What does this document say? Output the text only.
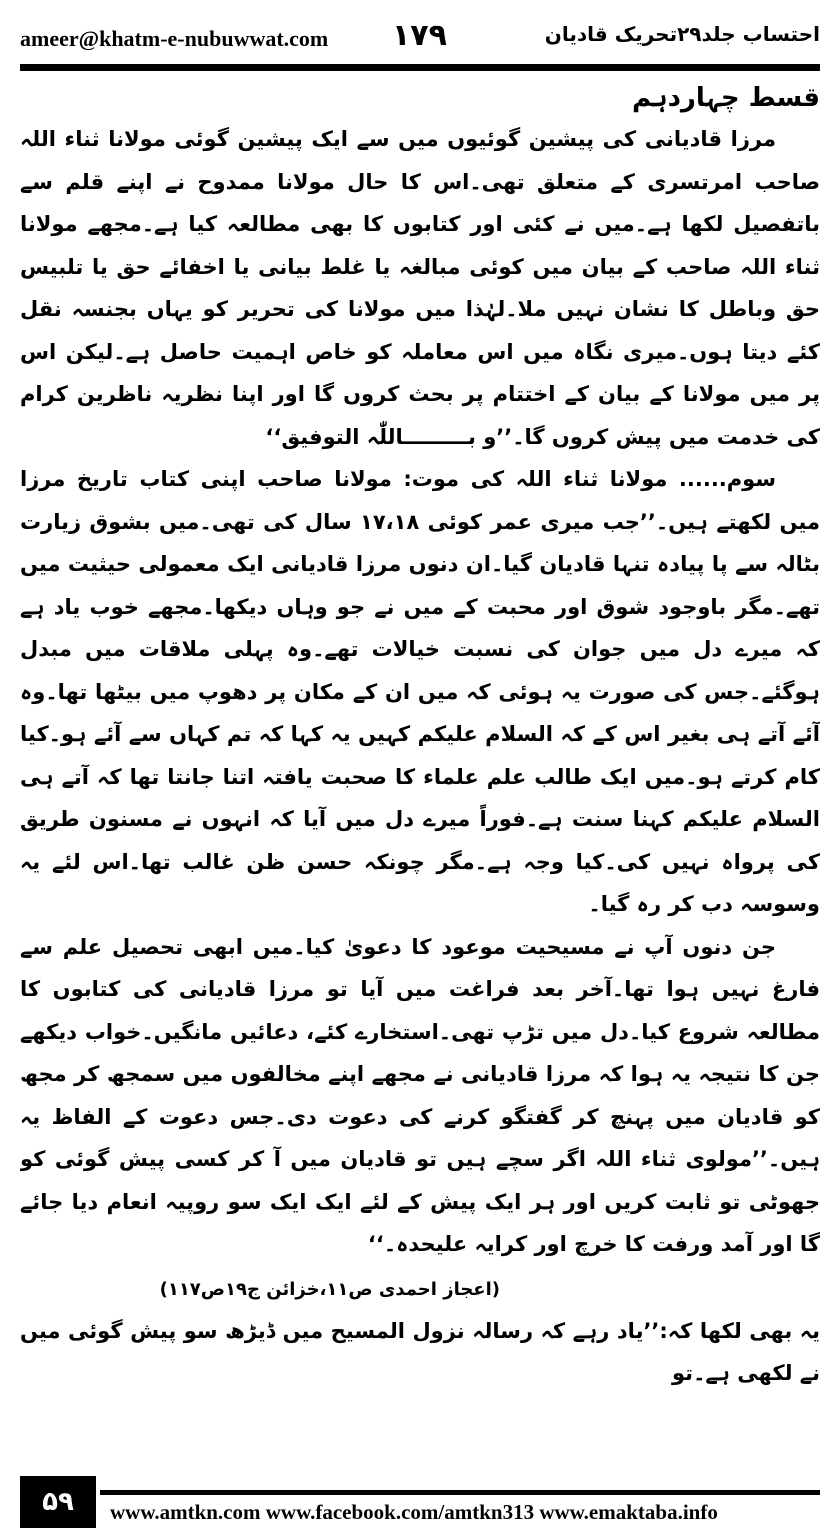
ameer@khatm-e-nubuwwat.com ۱۷۹	احتساب جلد۲۹تحریک قادیان

قسط چہاردہم

مرزا قادیانی کی پیشین گوئیوں میں سے ایک پیشین گوئی مولانا ثناء اللہ صاحب امرتسری کے متعلق تھی۔اس کا حال مولانا ممدوح نے اپنے قلم سے باتفصیل لکھا ہے۔میں نے کئی اور کتابوں کا بھی مطالعہ کیا ہے۔مجھے مولانا ثناء اللہ صاحب کے بیان میں کوئی مبالغہ یا غلط بیانی یا اخفائے حق یا تلبیس حق وباطل کا نشان نہیں ملا۔لہٰذا میں مولانا کی تحریر کو یہاں بجنسہ نقل کئے دیتا ہوں۔میری نگاہ میں اس معاملہ کو خاص اہمیت حاصل ہے۔لیکن اس پر میں مولانا کے بیان کے اختتام پر بحث کروں گا اور اپنا نظریہ ناظرین کرام کی خدمت میں پیش کروں گا۔’’و بـــــــــاللّٰہ التوفیق‘‘

سوم...... مولانا ثناء اللہ کی موت: مولانا صاحب اپنی کتاب تاریخ مرزا میں لکھتے ہیں۔’’جب میری عمر کوئی ۱۷،۱۸ سال کی تھی۔میں بشوق زیارت بٹالہ سے پا پیادہ تنہا قادیان گیا۔ان دنوں مرزا قادیانی ایک معمولی حیثیت میں تھے۔مگر باوجود شوق اور محبت کے میں نے جو وہاں دیکھا۔مجھے خوب یاد ہے کہ میرے دل میں جوان کی نسبت خیالات تھے۔وہ پہلی ملاقات میں مبدل ہوگئے۔جس کی صورت یہ ہوئی کہ میں ان کے مکان پر دھوپ میں بیٹھا تھا۔وہ آئے آتے ہی بغیر اس کے کہ السلام علیکم کہیں یہ کہا کہ تم کہاں سے آئے ہو۔کیا کام کرتے ہو۔میں ایک طالب علم علماء کا صحبت یافتہ اتنا جانتا تھا کہ آتے ہی السلام علیکم کہنا سنت ہے۔فوراً میرے دل میں آیا کہ انہوں نے مسنون طریق کی پرواہ نہیں کی۔کیا وجہ ہے۔مگر چونکہ حسن ظن غالب تھا۔اس لئے یہ وسوسہ دب کر رہ گیا۔

جن دنوں آپ نے مسیحیت موعود کا دعویٰ کیا۔میں ابھی تحصیل علم سے فارغ نہیں ہوا تھا۔آخر بعد فراغت میں آیا تو مرزا قادیانی کی کتابوں کا مطالعہ شروع کیا۔دل میں تڑپ تھی۔استخارے کئے، دعائیں مانگیں۔خواب دیکھے جن کا نتیجہ یہ ہوا کہ مرزا قادیانی نے مجھے اپنے مخالفوں میں سمجھ کر مجھ کو قادیان میں پہنچ کر گفتگو کرنے کی دعوت دی۔جس دعوت کے الفاظ یہ ہیں۔’’مولوی ثناء اللہ اگر سچے ہیں تو قادیان میں آ کر کسی پیش گوئی کو جھوٹی تو ثابت کریں اور ہر ایک پیش کے لئے ایک ایک سو روپیہ انعام دیا جائے گا اور آمد ورفت کا خرچ اور کرایہ علیحدہ۔‘‘

(اعجاز احمدی ص۱۱،خزائن ج۱۹ص۱۱۷)

یہ بھی لکھا کہ:’’یاد رہے کہ رسالہ نزول المسیح میں ڈیڑھ سو پیش گوئی میں نے لکھی ہے۔تو

۵۹	www.amtkn.com www.facebook.com/amtkn313 www.emaktaba.info
